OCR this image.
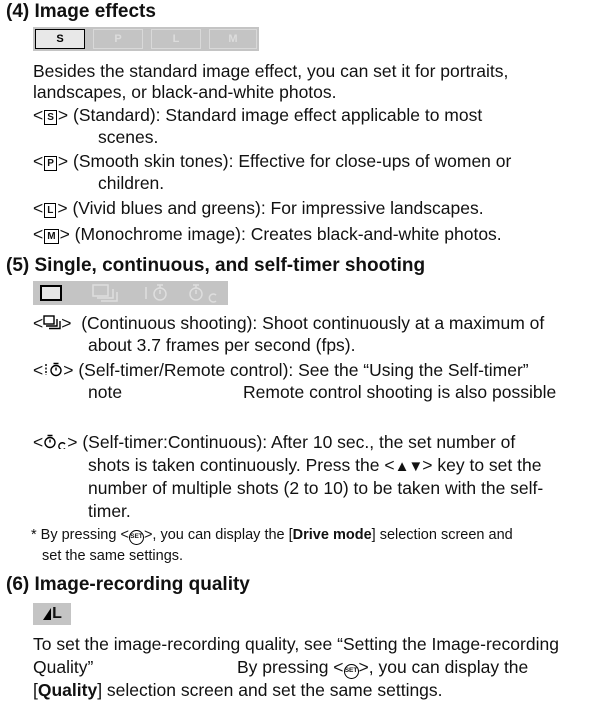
(4) Image effects
S	P	L	M
Besides the standard image effect, you can set it for portraits,
landscapes, or black-and-white photos.
< S > (Standard): Standard image effect applicable to most
scenes.
< P > (Smooth skin tones): Effective for close-ups of women or
children.
< L > (Vivid blues and greens): For impressive landscapes.
< M > (Monochrome image): Creates black-and-white photos.
(5) Single, continuous, and self-timer shooting
< > (Continuous shooting): Shoot continuously at a maximum of
about 3.7 frames per second (fps).
< > (Self-timer/Remote control): See the “Using the Self-timer”
note	Remote control shooting is also possible
< > (Self-timer:Continuous): After 10 sec., the set number of
shots is taken continuously. Press the <▲▼> key to set the
number of multiple shots (2 to 10) to be taken with the self-
timer.
* By pressing <SET>, you can display the [Drive mode] selection screen and
set the same settings.
(6) Image-recording quality
L
To set the image-recording quality, see “Setting the Image-recording
Quality”	By pressing <SET>, you can display the
[Quality] selection screen and set the same settings.
